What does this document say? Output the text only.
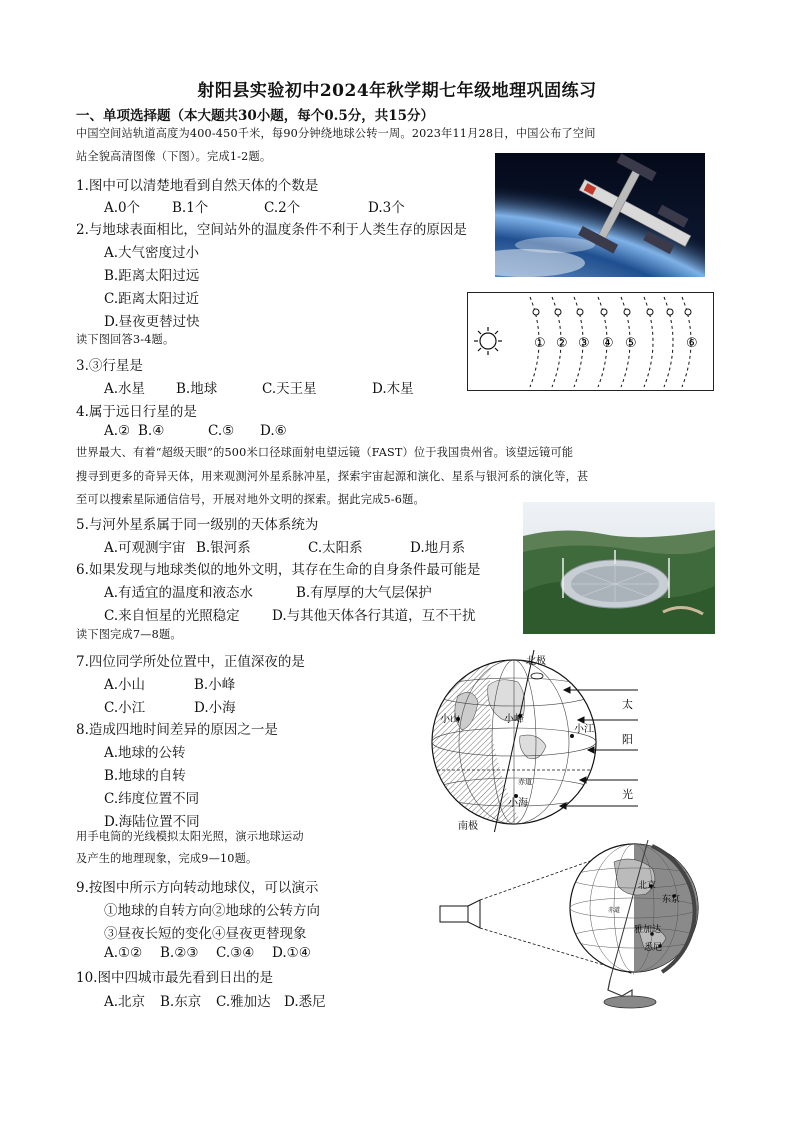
射阳县实验初中2024年秋学期七年级地理巩固练习
一、单项选择题（本大题共30小题，每个0.5分，共15分）
中国空间站轨道高度为400-450千米，每90分钟绕地球公转一周。2023年11月28日，中国公布了空间
站全貌高清图像（下图）。完成1-2题。
1.图中可以清楚地看到自然天体的个数是
A.0个 B.1个	C.2个	D.3个
2.与地球表面相比，空间站外的温度条件不利于人类生存的原因是
A.大气密度过小
B.距离太阳过远
C.距离太阳过近
D.昼夜更替过快
① ② ③ ④ ⑤	⑥
读下图回答3-4题。
3.③行星是
A.水星 B.地球	C.天王星	D.木星
4.属于远日行星的是
A.② B.④	C.⑤ D.⑥
世界最大、有着“超级天眼”的500米口径球面射电望远镜（FAST）位于我国贵州省。该望远镜可能
搜寻到更多的奇异天体，用来观测河外星系脉冲星，探索宇宙起源和演化、星系与银河系的演化等，甚
至可以搜索星际通信信号，开展对地外文明的探索。据此完成5-6题。
5.与河外星系属于同一级别的天体系统为
A.可观测宇宙 B.银河系	C.太阳系	D.地月系
6.如果发现与地球类似的地外文明，其存在生命的自身条件最可能是
A.有适宜的温度和液态水	B.有厚厚的大气层保护
C.来自恒星的光照稳定 D.与其他天体各行其道，互不干扰
读下图完成7—8题。
7.四位同学所处位置中，正值深夜的是
A.小山	B.小峰
C.小江	D.小海
8.造成四地时间差异的原因之一是
A.地球的公转
B.地球的自转
C.纬度位置不同
D.海陆位置不同
北极
南极
赤道
小山	小峰
小江
小海
太
阳
光
用手电筒的光线模拟太阳光照，演示地球运动
及产生的地理现象，完成9—10题。
9.按图中所示方向转动地球仪，可以演示
①地球的自转方向②地球的公转方向
③昼夜长短的变化④昼夜更替现象
A.①② B.②③ C.③④ D.①④
10.图中四城市最先看到日出的是
A.北京 B.东京 C.雅加达 D.悉尼
北京
东京
雅加达
悉尼
赤道
